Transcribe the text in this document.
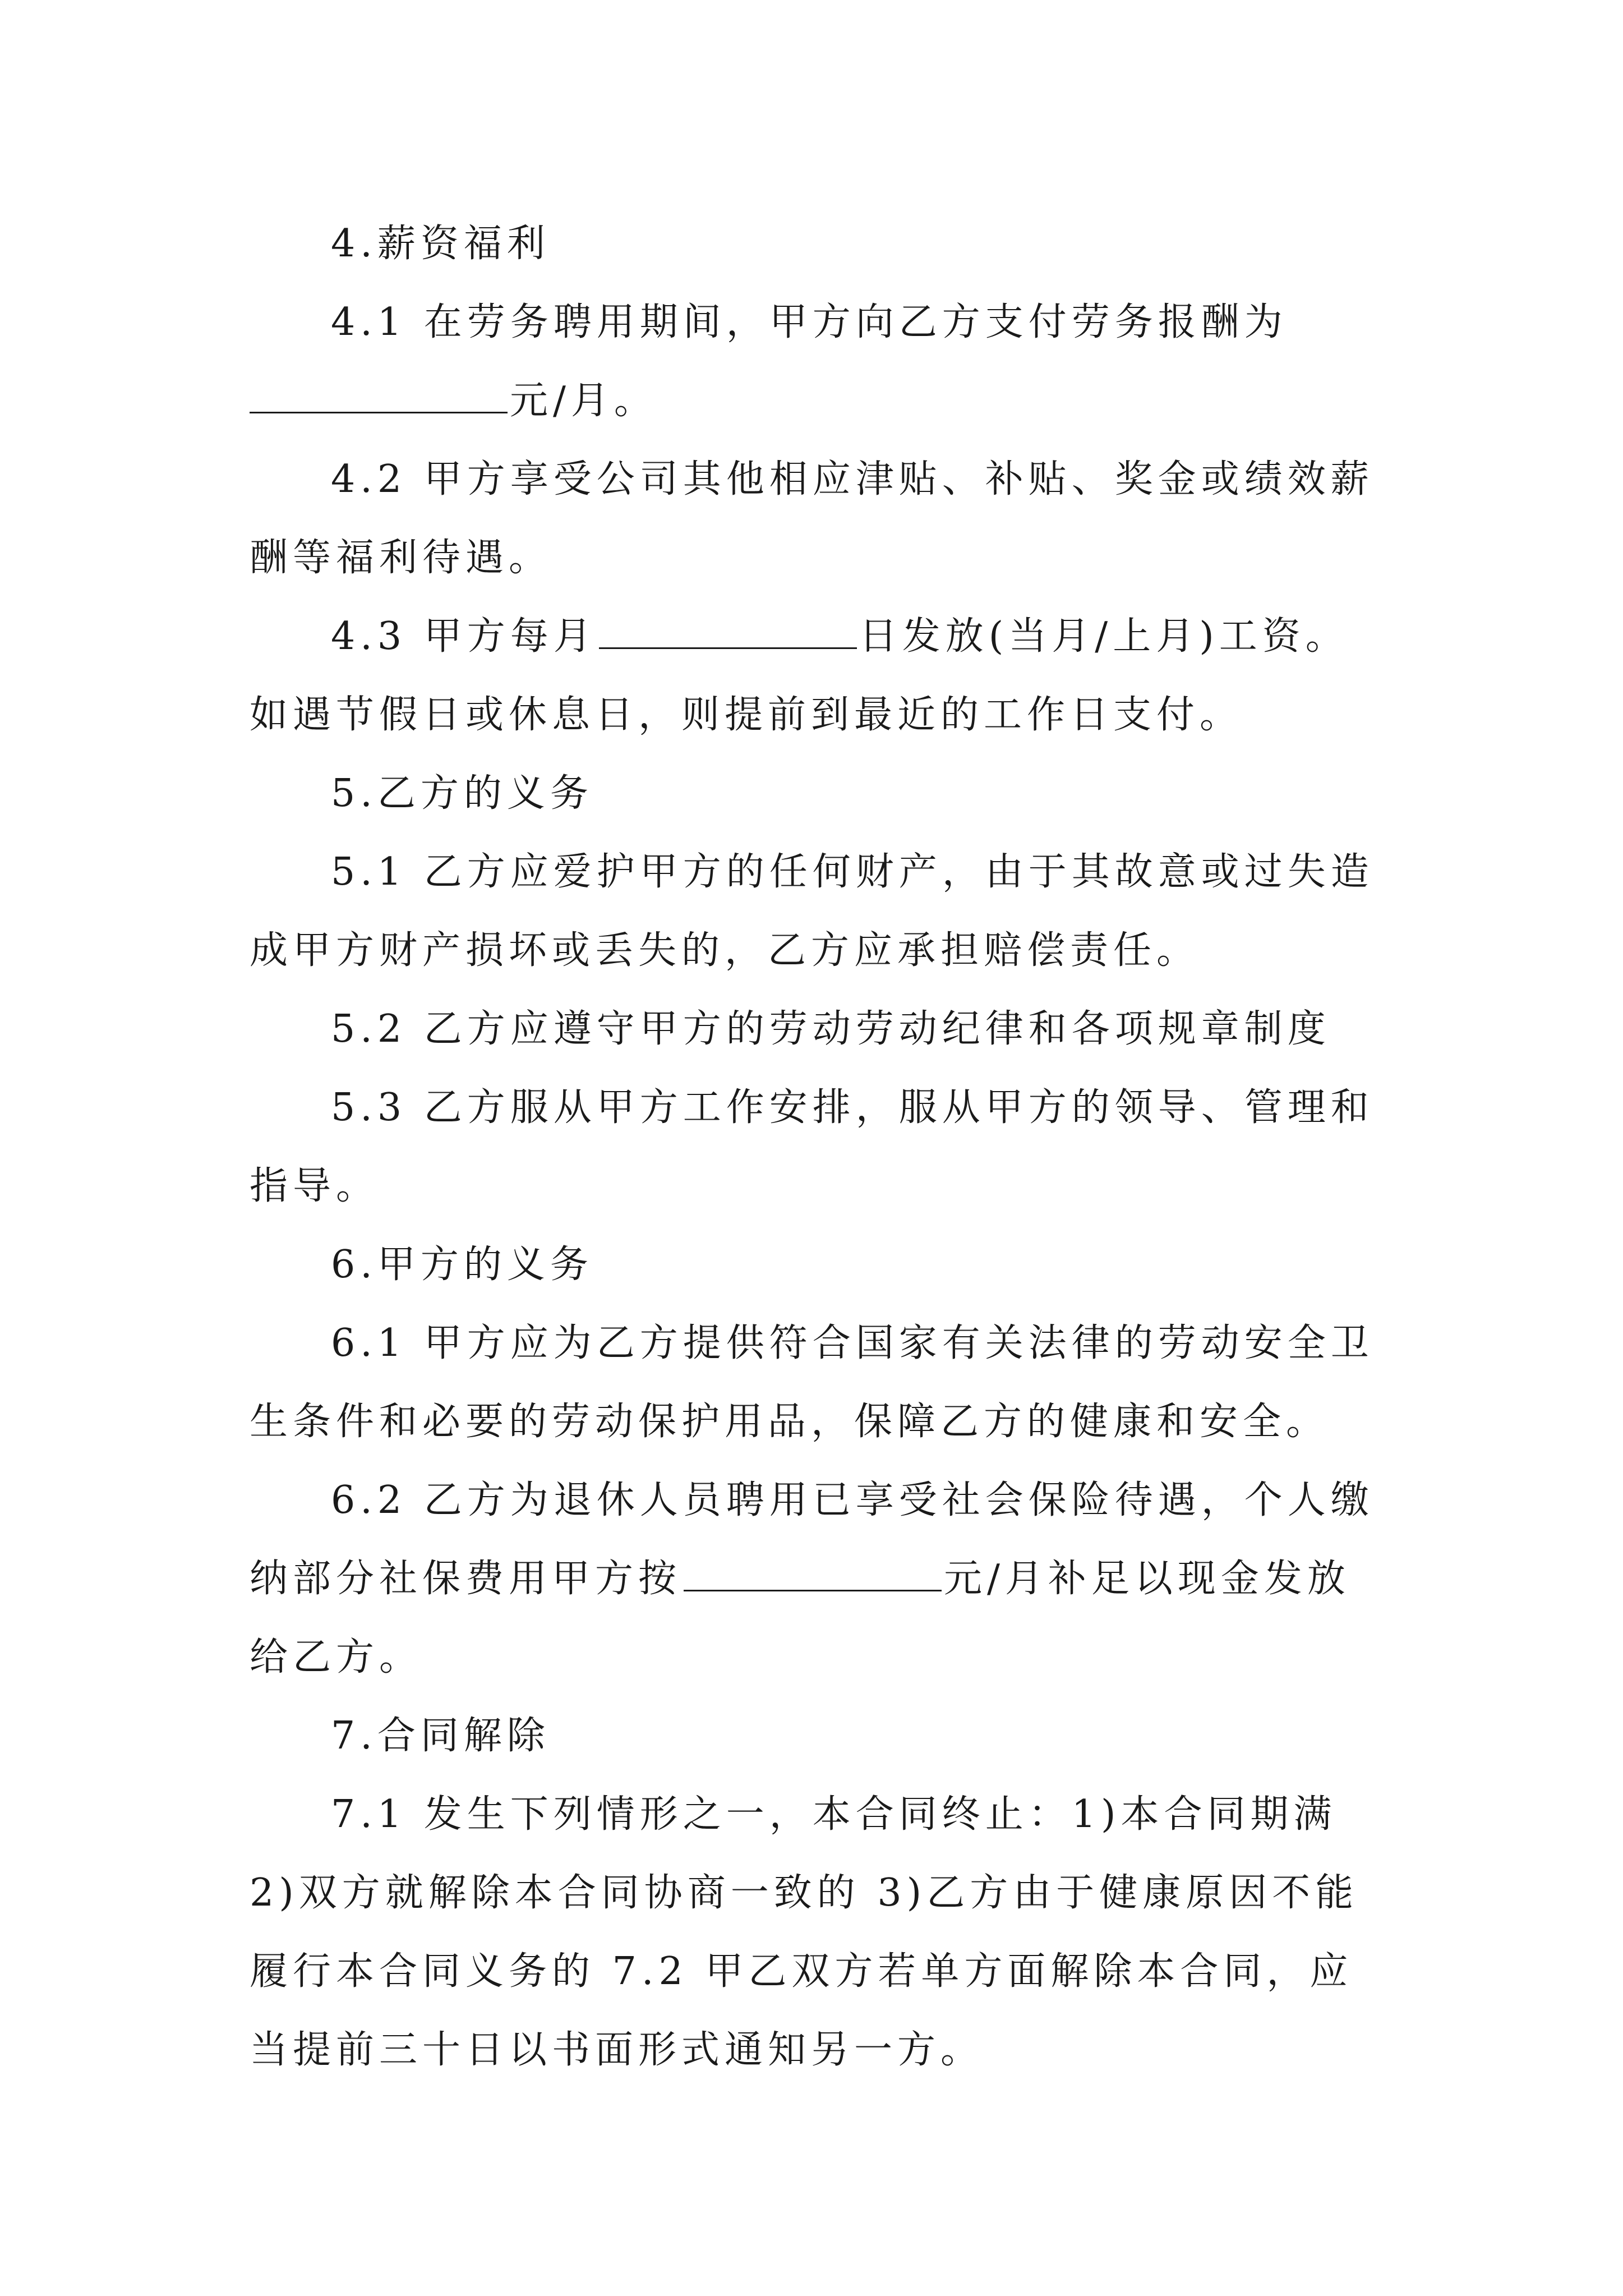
4.薪资福利

4.1 在劳务聘用期间，甲方向乙方支付劳务报酬为
元/月。

4.2 甲方享受公司其他相应津贴、补贴、奖金或绩效薪酬等福利待遇。

4.3 甲方每月	日发放(当月/上月)工资。如遇节假日或休息日，则提前到最近的工作日支付。

5.乙方的义务

5.1 乙方应爱护甲方的任何财产，由于其故意或过失造成甲方财产损坏或丢失的，乙方应承担赔偿责任。

5.2 乙方应遵守甲方的劳动劳动纪律和各项规章制度

5.3 乙方服从甲方工作安排，服从甲方的领导、管理和指导。

6.甲方的义务

6.1 甲方应为乙方提供符合国家有关法律的劳动安全卫生条件和必要的劳动保护用品，保障乙方的健康和安全。

6.2 乙方为退休人员聘用已享受社会保险待遇，个人缴纳部分社保费用甲方按	元/月补足以现金发放给乙方。

7.合同解除

7.1 发生下列情形之一，本合同终止：1)本合同期满 2)双方就解除本合同协商一致的 3)乙方由于健康原因不能履行本合同义务的 7.2 甲乙双方若单方面解除本合同，应当提前三十日以书面形式通知另一方。
